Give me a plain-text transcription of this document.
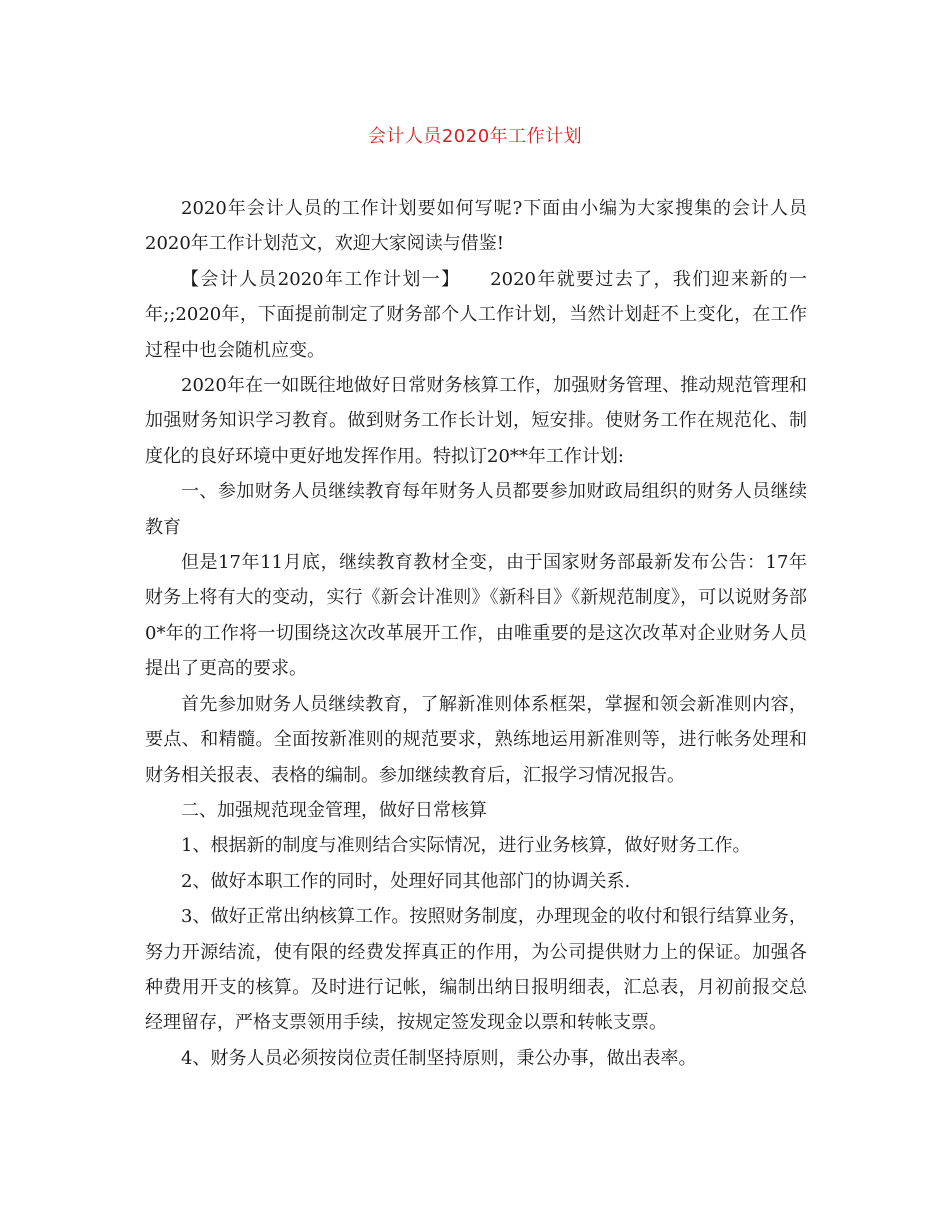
会计人员2020年工作计划

2020年会计人员的工作计划要如何写呢?下面由小编为大家搜集的会计人员2020年工作计划范文，欢迎大家阅读与借鉴!

【会计人员2020年工作计划一】　　2020年就要过去了，我们迎来新的一年;;2020年，下面提前制定了财务部个人工作计划，当然计划赶不上变化，在工作过程中也会随机应变。

2020年在一如既往地做好日常财务核算工作，加强财务管理、推动规范管理和加强财务知识学习教育。做到财务工作长计划，短安排。使财务工作在规范化、制度化的良好环境中更好地发挥作用。特拟订20**年工作计划:

一、参加财务人员继续教育每年财务人员都要参加财政局组织的财务人员继续教育

但是17年11月底，继续教育教材全变，由于国家财务部最新发布公告：17年财务上将有大的变动，实行《新会计准则》《新科目》《新规范制度》，可以说财务部0*年的工作将一切围绕这次改革展开工作，由唯重要的是这次改革对企业财务人员提出了更高的要求。

首先参加财务人员继续教育，了解新准则体系框架，掌握和领会新准则内容，要点、和精髓。全面按新准则的规范要求，熟练地运用新准则等，进行帐务处理和财务相关报表、表格的编制。参加继续教育后，汇报学习情况报告。

二、加强规范现金管理，做好日常核算

1、根据新的制度与准则结合实际情况，进行业务核算，做好财务工作。

2、做好本职工作的同时，处理好同其他部门的协调关系.

3、做好正常出纳核算工作。按照财务制度，办理现金的收付和银行结算业务，努力开源结流，使有限的经费发挥真正的作用，为公司提供财力上的保证。加强各种费用开支的核算。及时进行记帐，编制出纳日报明细表，汇总表，月初前报交总经理留存，严格支票领用手续，按规定签发现金以票和转帐支票。

4、财务人员必须按岗位责任制坚持原则，秉公办事，做出表率。
